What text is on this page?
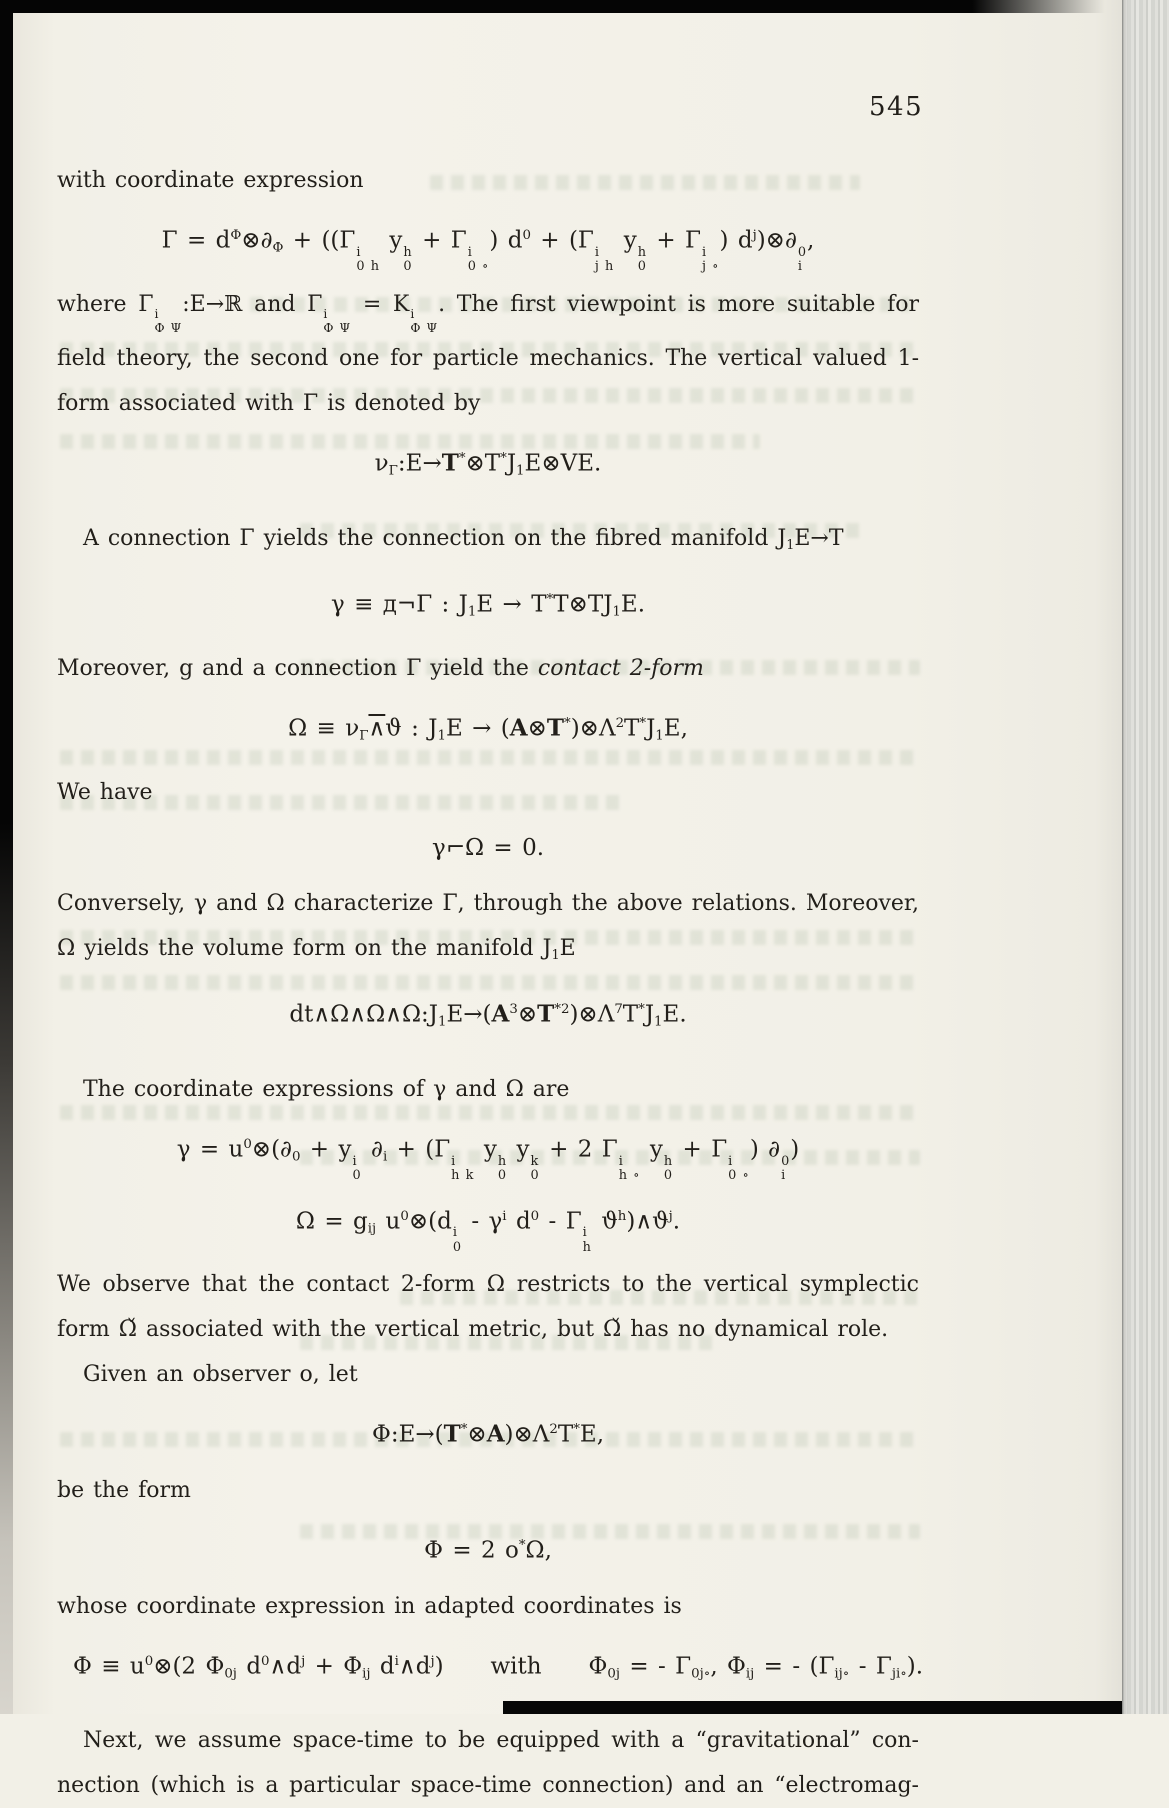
545
with coordinate expression
$\Gamma = d^\Phi\otimes\partial_\Phi + ((\Gamma$ i
0 h
y h
0
+ Γ i
0 ∘
) $d^0 + (\Gamma$ i
j h
y h
0
+ Γ i
j ∘
) $d^j)\otimes\partial$ 0
i
,
where Γ i
Φ Ψ
:E→ℝ and Γ i
Φ Ψ
= K i
Φ Ψ
. The first viewpoint is more suitable for
field theory, the second one for particle mechanics. The vertical valued 1-
form associated with Γ is denoted by
$\nu_\Gamma:E\to T^*\otimes T^*J_1E\otimes VE$.
A connection Γ yields the connection on the fibred manifold $J_1E\to T$
γ ≡ д¬Γ : $J_1E$ → $T^*T\otimes TJ_1E$.
Moreover, g and a connection Γ yield the contact 2-form
$\Omega \equiv \nu_\Gamma\wedge ϑ$ : $J_1E$ → $(A\otimes T^*)\otimes\Lambda^2T^*J_1E$,
We have
γ¬Ω = 0.
Conversely, γ and Ω characterize Γ, through the above relations. Moreover,
Ω yields the volume form on the manifold $J_1E$
$dt\wedge\Omega\wedge\Omega\wedge\Omega:J_1E\to(A^3\otimes T^{*2})\otimes\Lambda^7T^*J_1E$.
The coordinate expressions of γ and Ω are
$\gamma = u^0\otimes(\partial_0 + y$ i
0
$\partial_i + (\Gamma$ i
h k
y h
0
y k
0
+ 2 Γ i
h ∘
y h
0
+ Γ i
0 ∘
) ∂ 0
i
)
$\Omega = g_{ij}$ $u^0\otimes(d$ i
0
- $\gamma^i$ $d^0$ - Γ i
h
$ϑ^h)\wedge ϑ^j$.
We observe that the contact 2-form Ω restricts to the vertical symplectic
form Ω̌ associated with the vertical metric, but Ω̌ has no dynamical role.
Given an observer o, let
$\Phi:E\to(T^*\otimes A)\otimes\Lambda^2T^*E$,
be the form
Φ = 2 o*Ω,
whose coordinate expression in adapted coordinates is
$\Phi \equiv u^0\otimes(2$ $\Phi_{0j}$ $d^0\wedge d^j + \Phi_{ij}$ $d^i\wedge d^j$)     with     $\Phi_{0j}$ = - $\Gamma_{0j\circ}$, $\Phi_{ij}$ = - $(\Gamma_{ij\circ} - \Gamma_{ji\circ})$.
Next, we assume space-time to be equipped with a “gravitational” con-
nection (which is a particular space-time connection) and an “electromag-
